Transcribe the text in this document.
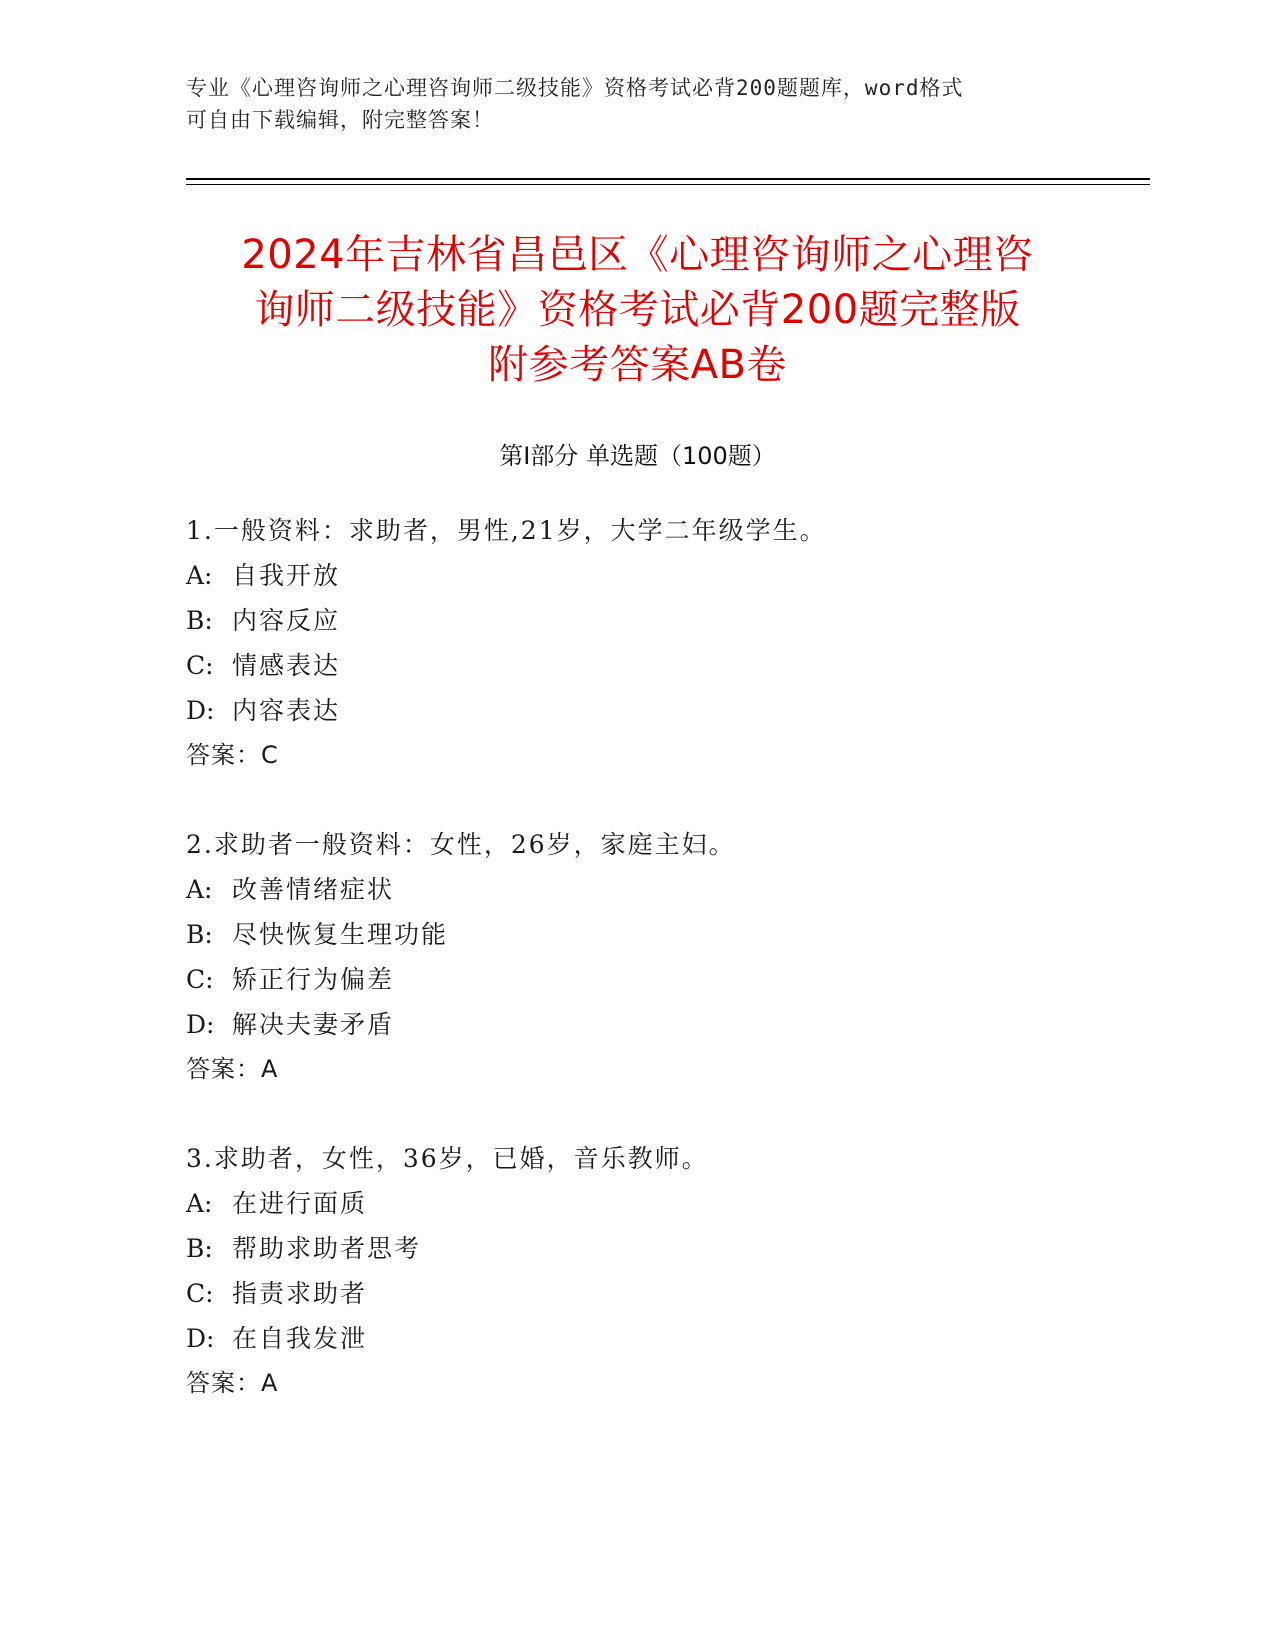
专业《心理咨询师之心理咨询师二级技能》资格考试必背200题题库，word格式
可自由下载编辑，附完整答案！
2024年吉林省昌邑区《心理咨询师之心理咨
询师二级技能》资格考试必背200题完整版
附参考答案AB卷
第Ⅰ部分 单选题（100题）
1.一般资料：求助者，男性,21岁，大学二年级学生。
A: 自我开放
B: 内容反应
C: 情感表达
D: 内容表达
答案：C
2.求助者一般资料：女性，26岁，家庭主妇。
A: 改善情绪症状
B: 尽快恢复生理功能
C: 矫正行为偏差
D: 解决夫妻矛盾
答案：A
3.求助者，女性，36岁，已婚，音乐教师。
A: 在进行面质
B: 帮助求助者思考
C: 指责求助者
D: 在自我发泄
答案：A
